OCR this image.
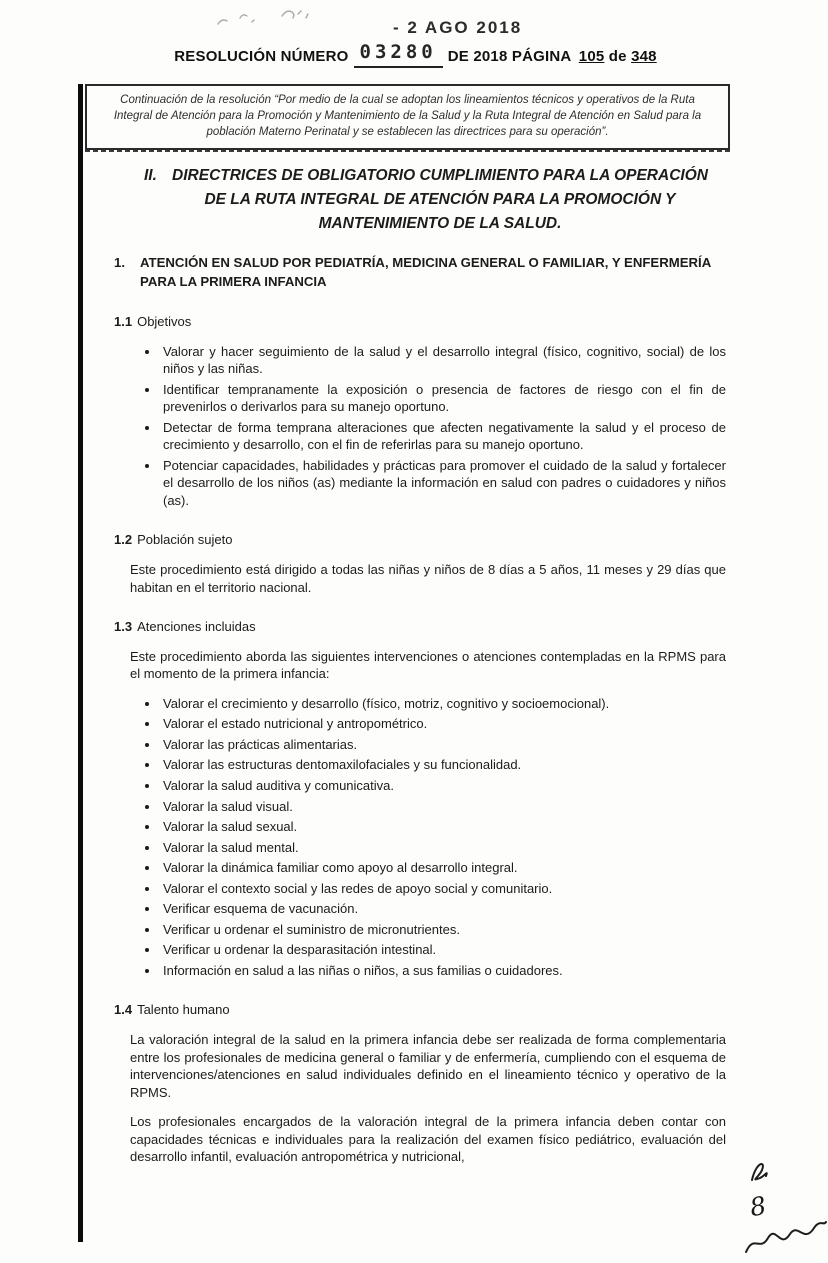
- 2 AGO 2018
RESOLUCIÓN NÚMERO 03280 DE 2018 PÁGINA 105 de 348

Continuación de la resolución “Por medio de la cual se adoptan los lineamientos técnicos y operativos de la Ruta Integral de Atención para la Promoción y Mantenimiento de la Salud y la Ruta Integral de Atención en Salud para la población Materno Perinatal y se establecen las directrices para su operación”.

II. DIRECTRICES DE OBLIGATORIO CUMPLIMIENTO PARA LA OPERACIÓN DE LA RUTA INTEGRAL DE ATENCIÓN PARA LA PROMOCIÓN Y MANTENIMIENTO DE LA SALUD.
1.	ATENCIÓN EN SALUD POR PEDIATRÍA, MEDICINA GENERAL O FAMILIAR, Y ENFERMERÍA PARA LA PRIMERA INFANCIA
1.1 Objetivos
• Valorar y hacer seguimiento de la salud y el desarrollo integral (físico, cognitivo, social) de los niños y las niñas.
• Identificar tempranamente la exposición o presencia de factores de riesgo con el fin de prevenirlos o derivarlos para su manejo oportuno.
• Detectar de forma temprana alteraciones que afecten negativamente la salud y el proceso de crecimiento y desarrollo, con el fin de referirlas para su manejo oportuno.
• Potenciar capacidades, habilidades y prácticas para promover el cuidado de la salud y fortalecer el desarrollo de los niños (as) mediante la información en salud con padres o cuidadores y niños (as).
1.2 Población sujeto

Este procedimiento está dirigido a todas las niñas y niños de 8 días a 5 años, 11 meses y 29 días que habitan en el territorio nacional.

1.3 Atenciones incluidas

Este procedimiento aborda las siguientes intervenciones o atenciones contempladas en la RPMS para el momento de la primera infancia:

• Valorar el crecimiento y desarrollo (físico, motriz, cognitivo y socioemocional).
• Valorar el estado nutricional y antropométrico.
• Valorar las prácticas alimentarias.
• Valorar las estructuras dentomaxilofaciales y su funcionalidad.
• Valorar la salud auditiva y comunicativa.
• Valorar la salud visual.
• Valorar la salud sexual.
• Valorar la salud mental.
• Valorar la dinámica familiar como apoyo al desarrollo integral.
• Valorar el contexto social y las redes de apoyo social y comunitario.
• Verificar esquema de vacunación.
• Verificar u ordenar el suministro de micronutrientes.
• Verificar u ordenar la desparasitación intestinal.
• Información en salud a las niñas o niños, a sus familias o cuidadores.
1.4 Talento humano

La valoración integral de la salud en la primera infancia debe ser realizada de forma complementaria entre los profesionales de medicina general o familiar y de enfermería, cumpliendo con el esquema de intervenciones/atenciones en salud individuales definido en el lineamiento técnico y operativo de la RPMS.

Los profesionales encargados de la valoración integral de la primera infancia deben contar con capacidades técnicas e individuales para la realización del examen físico pediátrico, evaluación del desarrollo infantil, evaluación antropométrica y nutricional,

8
